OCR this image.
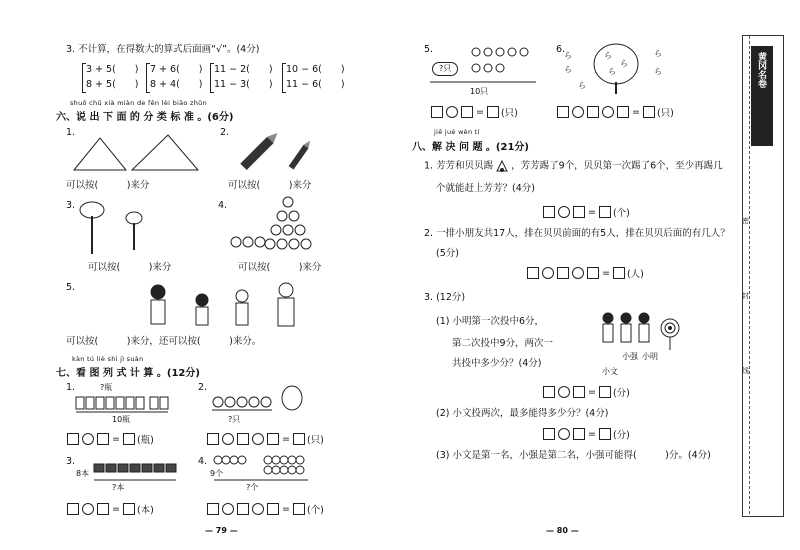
3. 不计算，在得数大的算式后面画“√”。(4分)
3 + 5(　　)
8 + 5(　　)
7 + 6(　　)
8 + 4(　　)
11 − 2(　　)
11 − 3(　　)
10 − 6(　　)
11 − 6(　　)
shuō chū xià miàn de fēn lèi biāo zhǔn
六、说 出 下 面 的 分 类 标 准 。(6分)
1.
可以按(　　　)来分
2.
可以按(　　　)来分
3.
可以按(　　　)来分
4.
可以按(　　　)来分
5.
可以按(　　　)来分，还可以按(　　　)来分。
kàn tú liè shì jì suàn
七、看 图 列 式 计 算 。(12分)
1.	?瓶
10瓶
= (瓶)
2.
?只
= (只)
3.
8本
?本
= (本)
4.
9个
?个
= (个)
— 79 —
5.
?只
10只
= (只)
6.
ら
ら
ら
ら
ら
ら
ら
ら
= (只)
jiě jué wèn tí
八、解 决 问 题 。(21分)
1. 芳芳和贝贝踢 ，芳芳踢了9个，贝贝第一次踢了6个，至少再踢几
个就能赶上芳芳？(4分)
= (个)
2. 一排小朋友共17人，排在贝贝前面的有5人，排在贝贝后面的有几人？
(5分)
= (人)
3. (12分)
(1) 小明第一次投中6分，
第二次投中9分，两次一
共投中多少分？(4分)
小强 小明
小文
= (分)
(2) 小文投两次，最多能得多少分？(4分)
= (分)
(3) 小文是第一名，小强是第二名，小强可能得(　　　)分。(4分)
— 80 —
黄冈名卷
密
封
线
